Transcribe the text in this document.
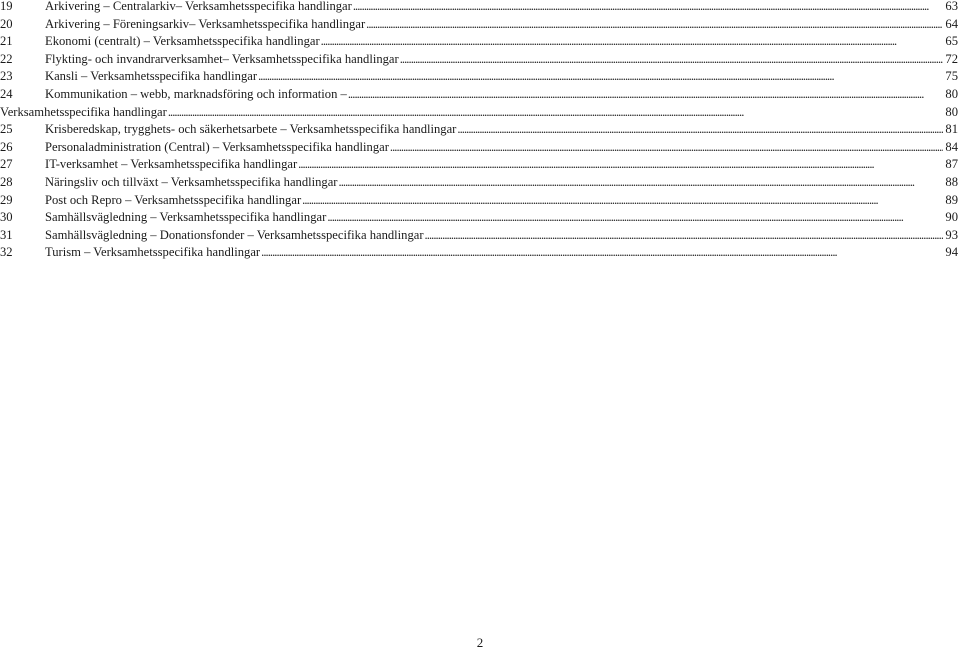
19	Arkivering – Centralarkiv– Verksamhetsspecifika handlingar . . .	63
20	Arkivering – Föreningsarkiv– Verksamhetsspecifika handlingar . . .	64
21	Ekonomi (centralt) – Verksamhetsspecifika handlingar . . .	65
22	Flykting- och invandrarverksamhet– Verksamhetsspecifika handlingar . . .	72
23	Kansli – Verksamhetsspecifika handlingar . . .	75
24	Kommunikation – webb, marknadsföring och information – . . .	80
Verksamhetsspecifika handlingar . . .	80
25	Krisberedskap, trygghets- och säkerhetsarbete – Verksamhetsspecifika handlingar . . .	81
26	Personaladministration (Central) – Verksamhetsspecifika handlingar . . .	84
27	IT-verksamhet – Verksamhetsspecifika handlingar . . .	87
28	Näringsliv och tillväxt – Verksamhetsspecifika handlingar . . .	88
29	Post och Repro – Verksamhetsspecifika handlingar . . .	89
30	Samhällsvägledning – Verksamhetsspecifika handlingar . . .	90
31	Samhällsvägledning – Donationsfonder – Verksamhetsspecifika handlingar . . .	93
32	Turism – Verksamhetsspecifika handlingar . . .	94
2
